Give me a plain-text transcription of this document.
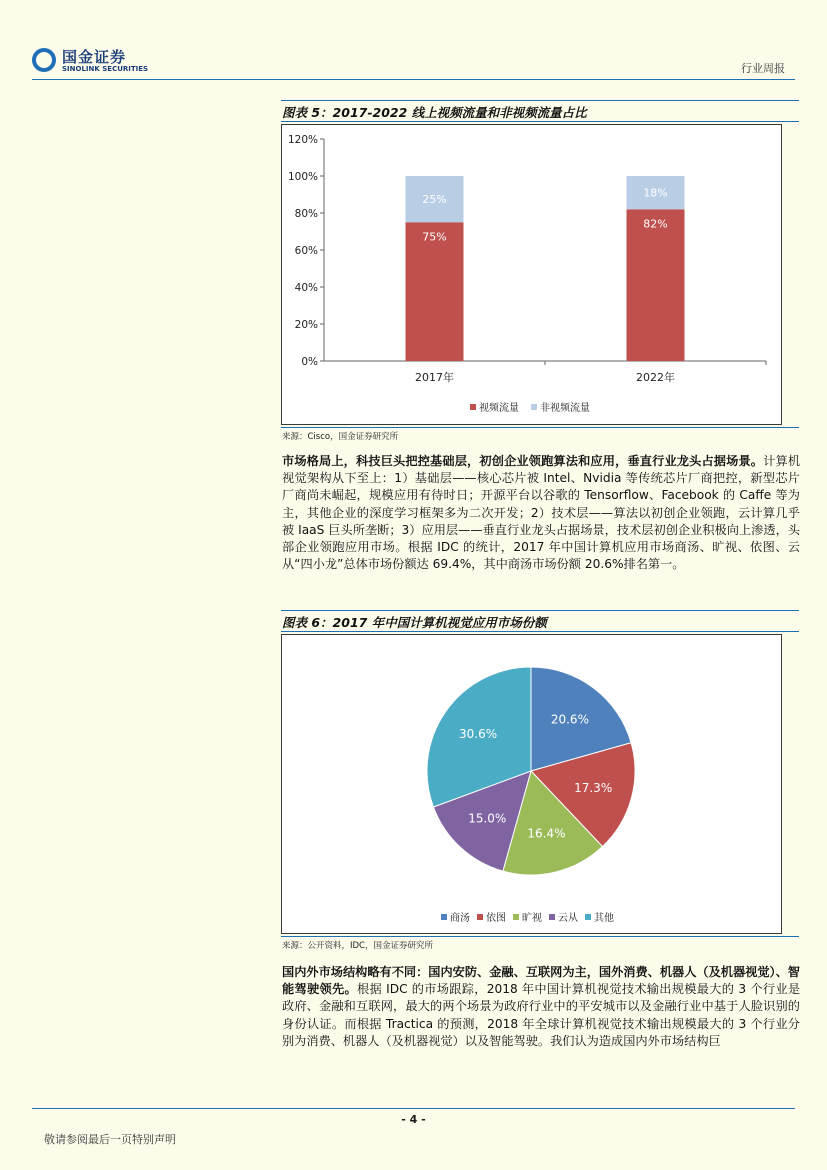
国金证券
SINOLINK SECURITIES	行业周报
图表 5：2017-2022 线上视频流量和非视频流量占比
0%
20%
40%
60%
80%
100%
120%
75%
25%
2017年
82%
18%
2022年
视频流量 非视频流量
来源：Cisco，国金证券研究所
市场格局上，科技巨头把控基础层，初创企业领跑算法和应用，垂直行业龙头占据场景。计算机视觉架构从下至上：1）基础层——核心芯片被 Intel、Nvidia 等传统芯片厂商把控，新型芯片厂商尚未崛起，规模应用有待时日；开源平台以谷歌的 Tensorflow、Facebook 的 Caffe 等为主，其他企业的深度学习框架多为二次开发；2）技术层——算法以初创企业领跑，云计算几乎被 IaaS 巨头所垄断；3）应用层——垂直行业龙头占据场景，技术层初创企业积极向上渗透，头部企业领跑应用市场。根据 IDC 的统计，2017 年中国计算机应用市场商汤、旷视、依图、云从“四小龙”总体市场份额达 69.4%，其中商汤市场份额 20.6%排名第一。
图表 6：2017 年中国计算机视觉应用市场份额
20.6%
17.3%
16.4%
15.0%
30.6%
商汤 依图 旷视 云从 其他
来源：公开资料，IDC，国金证券研究所
国内外市场结构略有不同：国内安防、金融、互联网为主，国外消费、机器人（及机器视觉）、智能驾驶领先。根据 IDC 的市场跟踪，2018 年中国计算机视觉技术输出规模最大的 3 个行业是政府、金融和互联网，最大的两个场景为政府行业中的平安城市以及金融行业中基于人脸识别的身份认证。而根据 Tractica 的预测，2018 年全球计算机视觉技术输出规模最大的 3 个行业分别为消费、机器人（及机器视觉）以及智能驾驶。我们认为造成国内外市场结构巨
- 4 -
敬请参阅最后一页特别声明
